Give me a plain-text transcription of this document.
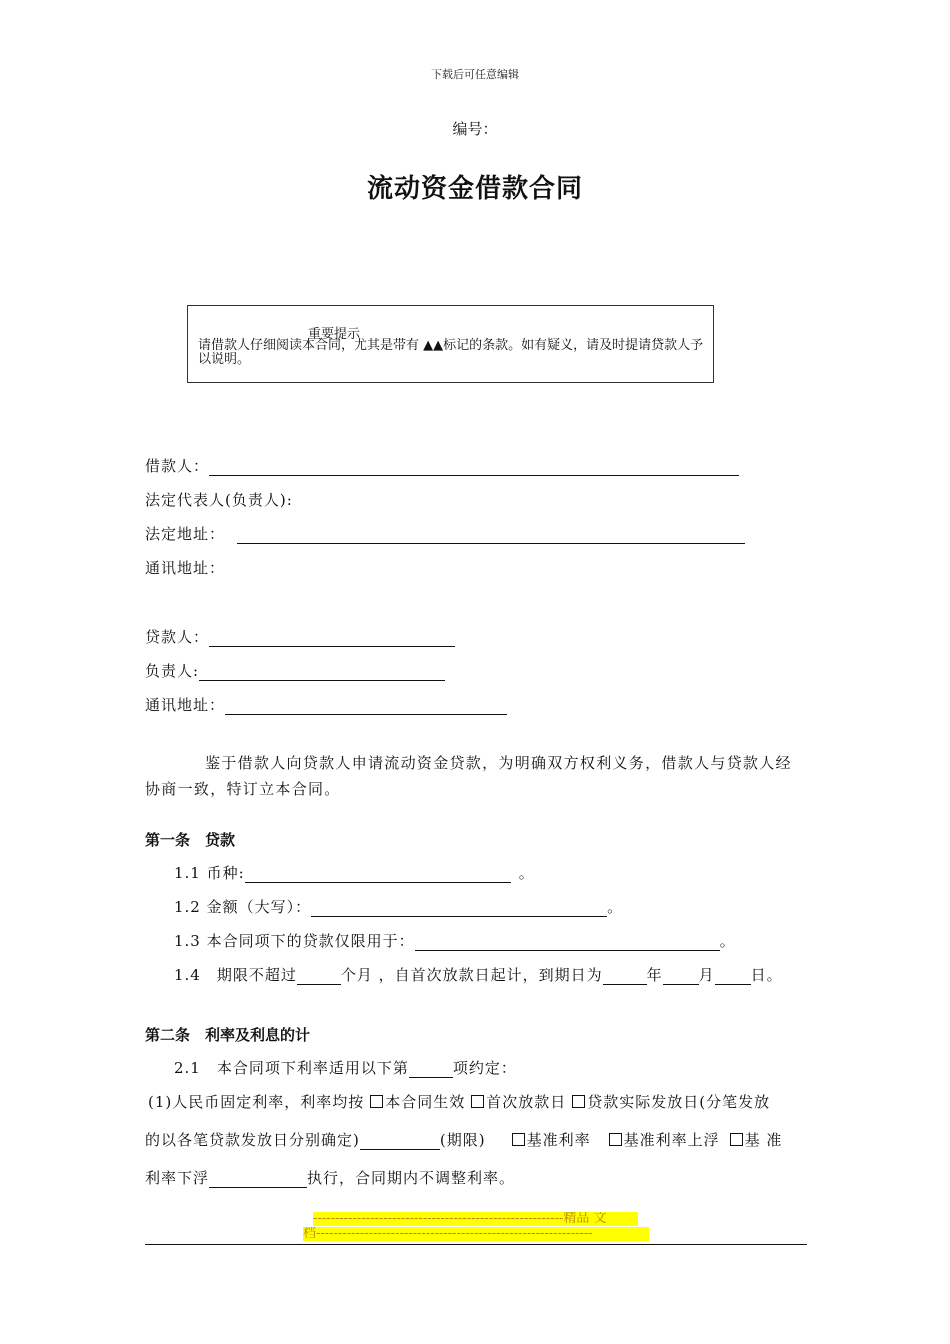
下载后可任意编辑
编号：
流动资金借款合同
重要提示
请借款人仔细阅读本合同，尤其是带有 ▲▲标记的条款。如有疑义，请及时提请贷款人予以说明。
借款人：
法定代表人(负责人):
法定地址：
通讯地址：
贷款人：
负责人:
通讯地址：
鉴于借款人向贷款人申请流动资金贷款，为明确双方权利义务，借款人与贷款人经协商一致，特订立本合同。
第一条　贷款
1.1 币种:	。
1.2 金额（大写）：	。
1.3 本合同项下的贷款仅限用于：	。
1.4　期限不超过	个月 ，自首次放款日起计，到期日为	年 月 日。
第二条　利率及利息的计
2.1　本合同项下利率适用以下第	项约定：
(1)人民币固定利率，利率均按 本合同生效 首次放款日 贷款实际发放日(分笔发放
的以各笔贷款发放日分别确定)	(期限)	基准利率 基准利率上浮 基 准
利率下浮	执行，合同期内不调整利率。
---------------------------------------------------------精品 文
档---------------------------------------------------------------
